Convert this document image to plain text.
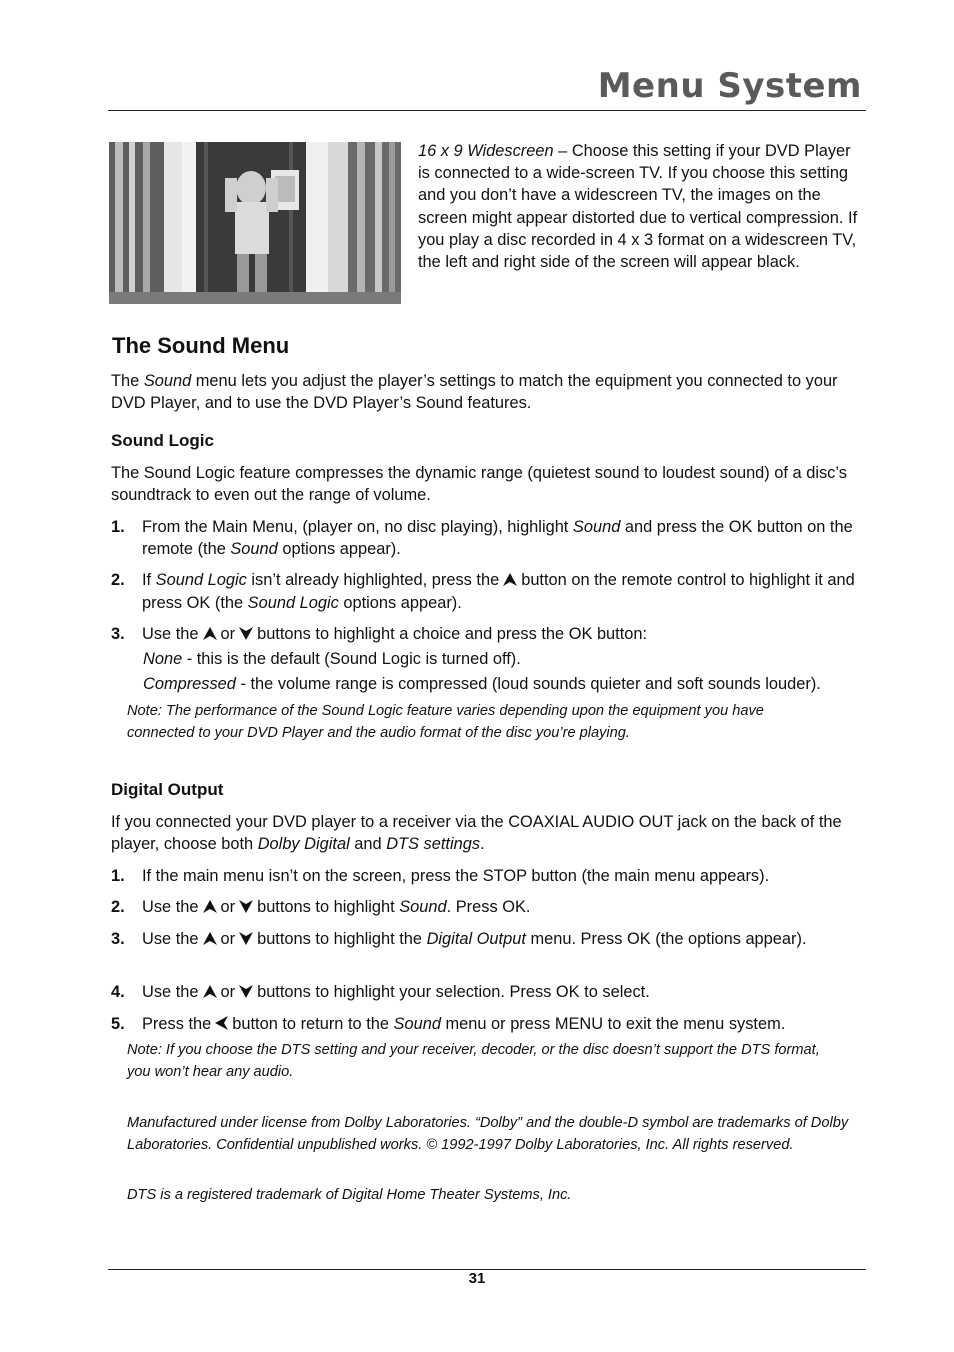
Menu System
16 x 9 Widescreen – Choose this setting if your DVD Player is connected to a wide-screen TV. If you choose this setting and you don’t have a widescreen TV, the images on the screen might appear distorted due to vertical compression. If you play a disc recorded in 4 x 3 format on a widescreen TV, the left and right side of the screen will appear black.
The Sound Menu
The Sound menu lets you adjust the player’s settings to match the equipment you connected to your DVD Player, and to use the DVD Player’s Sound features.
Sound Logic
The Sound Logic feature compresses the dynamic range (quietest sound to loudest sound) of a disc’s soundtrack to even out the range of volume.
1. From the Main Menu, (player on, no disc playing), highlight Sound and press the OK button on the remote (the Sound options appear).
2. If Sound Logic isn’t already highlighted, press the button on the remote control to highlight it and press OK (the Sound Logic options appear).
3. Use the or buttons to highlight a choice and press the OK button:
None - this is the default (Sound Logic is turned off).
Compressed - the volume range is compressed (loud sounds quieter and soft sounds louder).
Note: The performance of the Sound Logic feature varies depending upon the equipment you have connected to your DVD Player and the audio format of the disc you’re playing.
Digital Output
If you connected your DVD player to a receiver via the COAXIAL AUDIO OUT jack on the back of the player, choose both Dolby Digital and DTS settings.
1. If the main menu isn’t on the screen, press the STOP button (the main menu appears).
2. Use the or buttons to highlight Sound. Press OK.
3. Use the or buttons to highlight the Digital Output menu. Press OK (the options appear).
4. Use the or buttons to highlight your selection. Press OK to select.
5. Press the button to return to the Sound menu or press MENU to exit the menu system.
Note: If you choose the DTS setting and your receiver, decoder, or the disc doesn’t support the DTS format, you won’t hear any audio.
Manufactured under license from Dolby Laboratories. “Dolby” and the double-D symbol are trademarks of Dolby Laboratories. Confidential unpublished works. © 1992-1997 Dolby Laboratories, Inc. All rights reserved.
DTS is a registered trademark of Digital Home Theater Systems, Inc.
31
